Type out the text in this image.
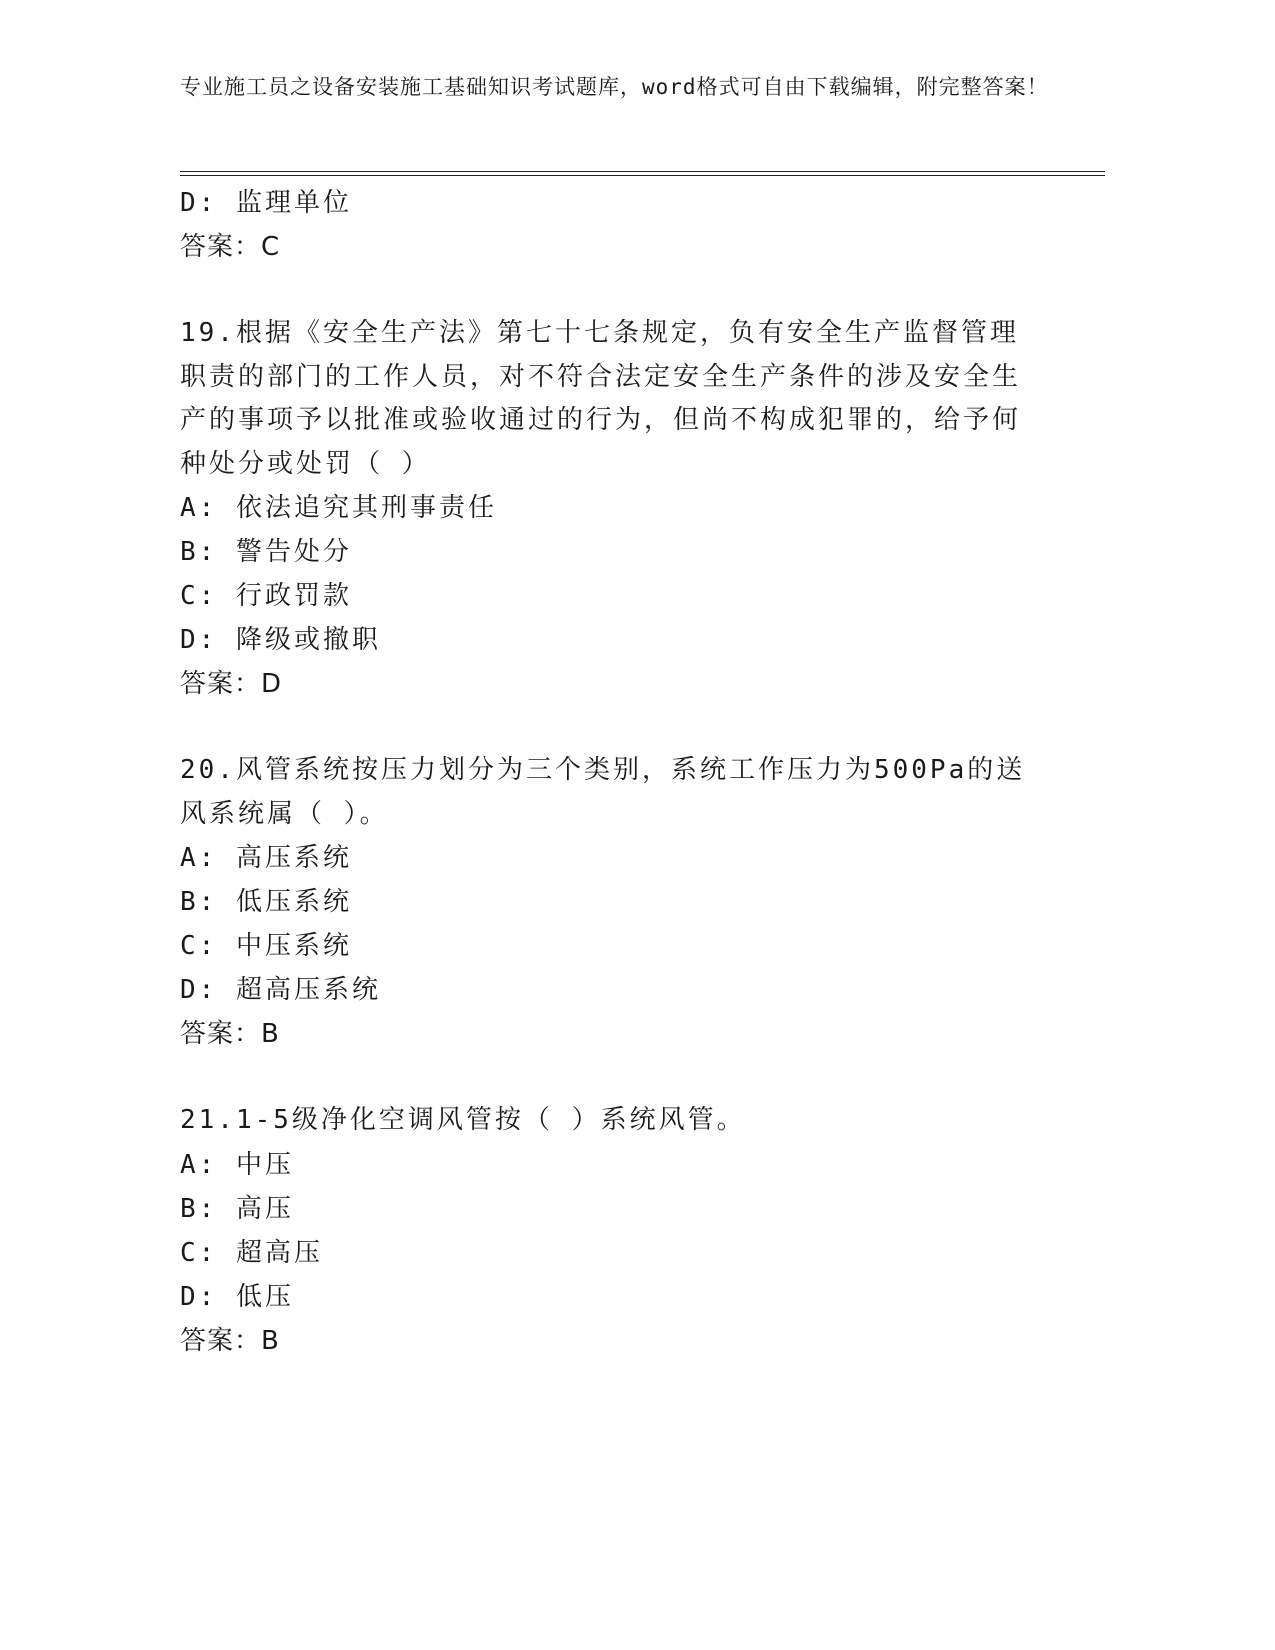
专业施工员之设备安装施工基础知识考试题库，word格式可自由下载编辑，附完整答案！
D: 监理单位
答案：C
19.根据《安全生产法》第七十七条规定，负有安全生产监督管理职责的部门的工作人员，对不符合法定安全生产条件的涉及安全生产的事项予以批准或验收通过的行为，但尚不构成犯罪的，给予何种处分或处罚（ ）
A: 依法追究其刑事责任
B: 警告处分
C: 行政罚款
D: 降级或撤职
答案：D
20.风管系统按压力划分为三个类别，系统工作压力为500Pa的送风系统属（ ）。
A: 高压系统
B: 低压系统
C: 中压系统
D: 超高压系统
答案：B
21.1-5级净化空调风管按（ ）系统风管。
A: 中压
B: 高压
C: 超高压
D: 低压
答案：B
